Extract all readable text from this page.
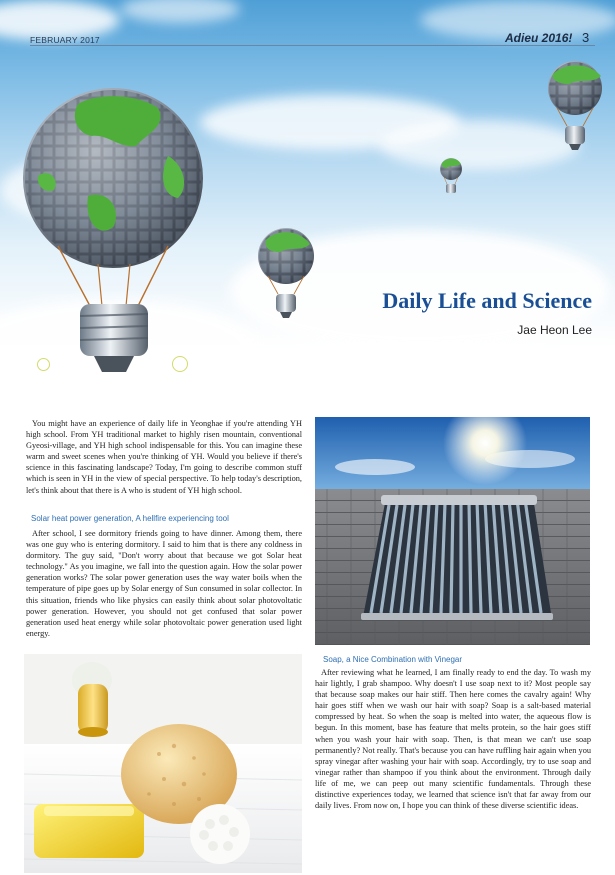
FEBRUARY 2017	Adieu 2016! 3
Daily Life and Science
Jae Heon Lee

You might have an experience of daily life in Yeonghae if you're attending YH high school. From YH traditional market to highly risen mountain, conventional Gyeosi-village, and YH high school indispensable for this. You can imagine these warm and sweet scenes when you're thinking of YH. Would you believe if there's science in this fascinating landscape? Today, I'm going to describe common stuff which is seen in YH in the view of special perspective. To help today's description, let's think about that there is A who is student of YH high school.

Solar heat power generation, A hellfire experiencing tool

After school, I see dormitory friends going to have dinner. Among them, there was one guy who is entering dormitory. I said to him that is there any coldness in dormitory. The guy said, "Don't worry about that because we got Solar heat technology." As you imagine, we fall into the question again. How the solar power generation works? The solar power generation uses the way water boils when the temperature of pipe goes up by Solar energy of Sun consumed in solar collector. In this situation, friends who like physics can easily think about solar photovoltatic power generation. However, you should not get confused that solar power generation used heat energy while solar photovoltaic power generation used light energy.

Soap, a Nice Combination with Vinegar

After reviewing what he learned, I am finally ready to end the day. To wash my hair lightly, I grab shampoo. Why doesn't I use soap next to it? Most people say that because soap makes our hair stiff. Then here comes the cavalry again! Why hair goes stiff when we wash our hair with soap? Soap is a salt-based material compressed by heat. So when the soap is melted into water, the aqueous flow is begun. In this moment, base has feature that melts protein, so the hair goes stiff when you wash your hair with soap. Then, is that mean we can't use soap permanently? Not really. That's because you can have ruffling hair again when you spray vinegar after washing your hair with soap. Accordingly, try to use soap and vinegar rather than shampoo if you think about the environment. Through daily life of me, we can peep out many scientific fundamentals. Through these distinctive experiences today, we learned that science isn't that far away from our daily lives. From now on, I hope you can think of these diverse scientific ideas.
